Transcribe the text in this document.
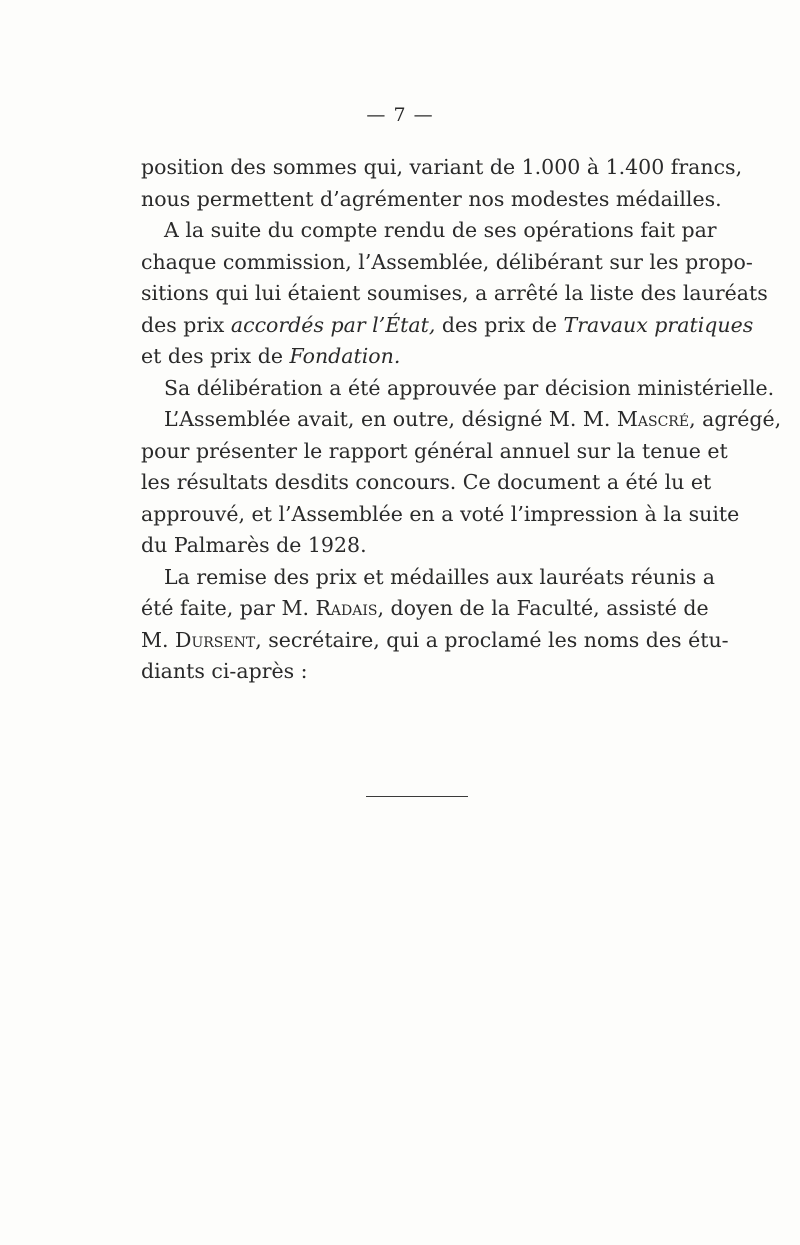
— 7 —
position des sommes qui, variant de 1.000 à 1.400 francs,
nous permettent d’agrémenter nos modestes médailles.
A la suite du compte rendu de ses opérations fait par
chaque commission, l’Assemblée, délibérant sur les propo-
sitions qui lui étaient soumises, a arrêté la liste des lauréats
des prix accordés par l’État, des prix de Travaux pratiques
et des prix de Fondation.
Sa délibération a été approuvée par décision ministérielle.
L’Assemblée avait, en outre, désigné M. M. Mascré, agrégé,
pour présenter le rapport général annuel sur la tenue et
les résultats desdits concours. Ce document a été lu et
approuvé, et l’Assemblée en a voté l’impression à la suite
du Palmarès de 1928.
La remise des prix et médailles aux lauréats réunis a
été faite, par M. Radais, doyen de la Faculté, assisté de
M. Dursent, secrétaire, qui a proclamé les noms des étu-
diants ci-après :
